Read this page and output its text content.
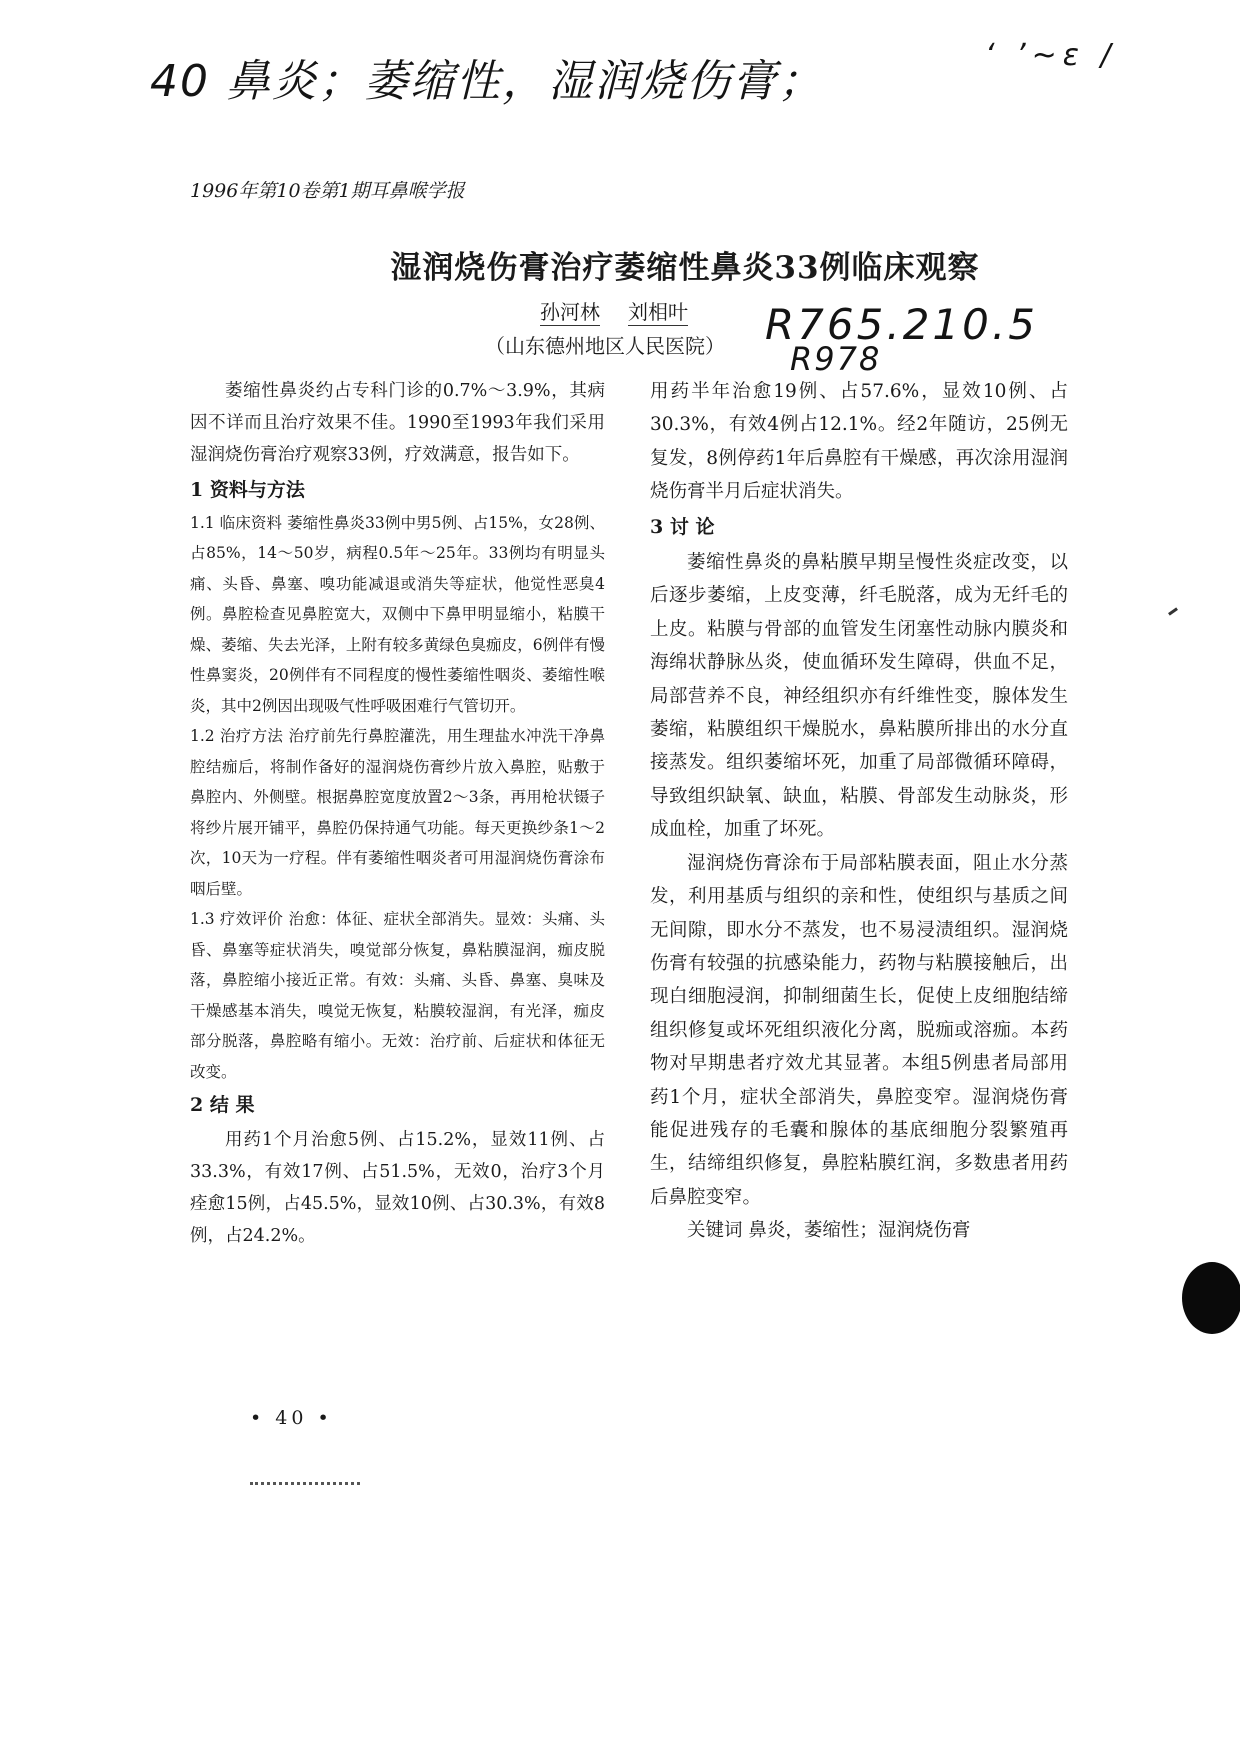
40 鼻炎；萎缩性，湿润烧伤膏；
‘ ’~ɛ /
1996年第10卷第1期耳鼻喉学报
湿润烧伤膏治疗萎缩性鼻炎33例临床观察
孙河林 刘相叶
（山东德州地区人民医院） R765.210.5
R978

萎缩性鼻炎约占专科门诊的0.7%～3.9%，其病因不详而且治疗效果不佳。1990至1993年我们采用湿润烧伤膏治疗观察33例，疗效满意，报告如下。

1 资料与方法

1.1 临床资料 萎缩性鼻炎33例中男5例、占15%，女28例、占85%，14～50岁，病程0.5年～25年。33例均有明显头痛、头昏、鼻塞、嗅功能减退或消失等症状，他觉性恶臭4例。鼻腔检查见鼻腔宽大，双侧中下鼻甲明显缩小，粘膜干燥、萎缩、失去光泽，上附有较多黄绿色臭痂皮，6例伴有慢性鼻窦炎，20例伴有不同程度的慢性萎缩性咽炎、萎缩性喉炎，其中2例因出现吸气性呼吸困难行气管切开。

1.2 治疗方法 治疗前先行鼻腔灌洗，用生理盐水冲洗干净鼻腔结痂后，将制作备好的湿润烧伤膏纱片放入鼻腔，贴敷于鼻腔内、外侧壁。根据鼻腔宽度放置2～3条，再用枪状镊子将纱片展开铺平，鼻腔仍保持通气功能。每天更换纱条1～2次，10天为一疗程。伴有萎缩性咽炎者可用湿润烧伤膏涂布咽后壁。

1.3 疗效评价 治愈：体征、症状全部消失。显效：头痛、头昏、鼻塞等症状消失，嗅觉部分恢复，鼻粘膜湿润，痂皮脱落，鼻腔缩小接近正常。有效：头痛、头昏、鼻塞、臭味及干燥感基本消失，嗅觉无恢复，粘膜较湿润，有光泽，痂皮部分脱落，鼻腔略有缩小。无效：治疗前、后症状和体征无改变。

2 结 果

用药1个月治愈5例、占15.2%，显效11例、占33.3%，有效17例、占51.5%，无效0，治疗3个月痊愈15例，占45.5%，显效10例、占30.3%，有效8例，占24.2%。

用药半年治愈19例、占57.6%，显效10例、占30.3%，有效4例占12.1%。经2年随访，25例无复发，8例停药1年后鼻腔有干燥感，再次涂用湿润烧伤膏半月后症状消失。

3 讨 论

萎缩性鼻炎的鼻粘膜早期呈慢性炎症改变，以后逐步萎缩，上皮变薄，纤毛脱落，成为无纤毛的上皮。粘膜与骨部的血管发生闭塞性动脉内膜炎和海绵状静脉丛炎，使血循环发生障碍，供血不足，局部营养不良，神经组织亦有纤维性变，腺体发生萎缩，粘膜组织干燥脱水，鼻粘膜所排出的水分直接蒸发。组织萎缩坏死，加重了局部微循环障碍，导致组织缺氧、缺血，粘膜、骨部发生动脉炎，形成血栓，加重了坏死。

湿润烧伤膏涂布于局部粘膜表面，阻止水分蒸发，利用基质与组织的亲和性，使组织与基质之间无间隙，即水分不蒸发，也不易浸渍组织。湿润烧伤膏有较强的抗感染能力，药物与粘膜接触后，出现白细胞浸润，抑制细菌生长，促使上皮细胞结缔组织修复或坏死组织液化分离，脱痂或溶痂。本药物对早期患者疗效尤其显著。本组5例患者局部用药1个月，症状全部消失，鼻腔变窄。湿润烧伤膏能促进残存的毛囊和腺体的基底细胞分裂繁殖再生，结缔组织修复，鼻腔粘膜红润，多数患者用药后鼻腔变窄。

关键词 鼻炎，萎缩性；湿润烧伤膏

• 40 •
